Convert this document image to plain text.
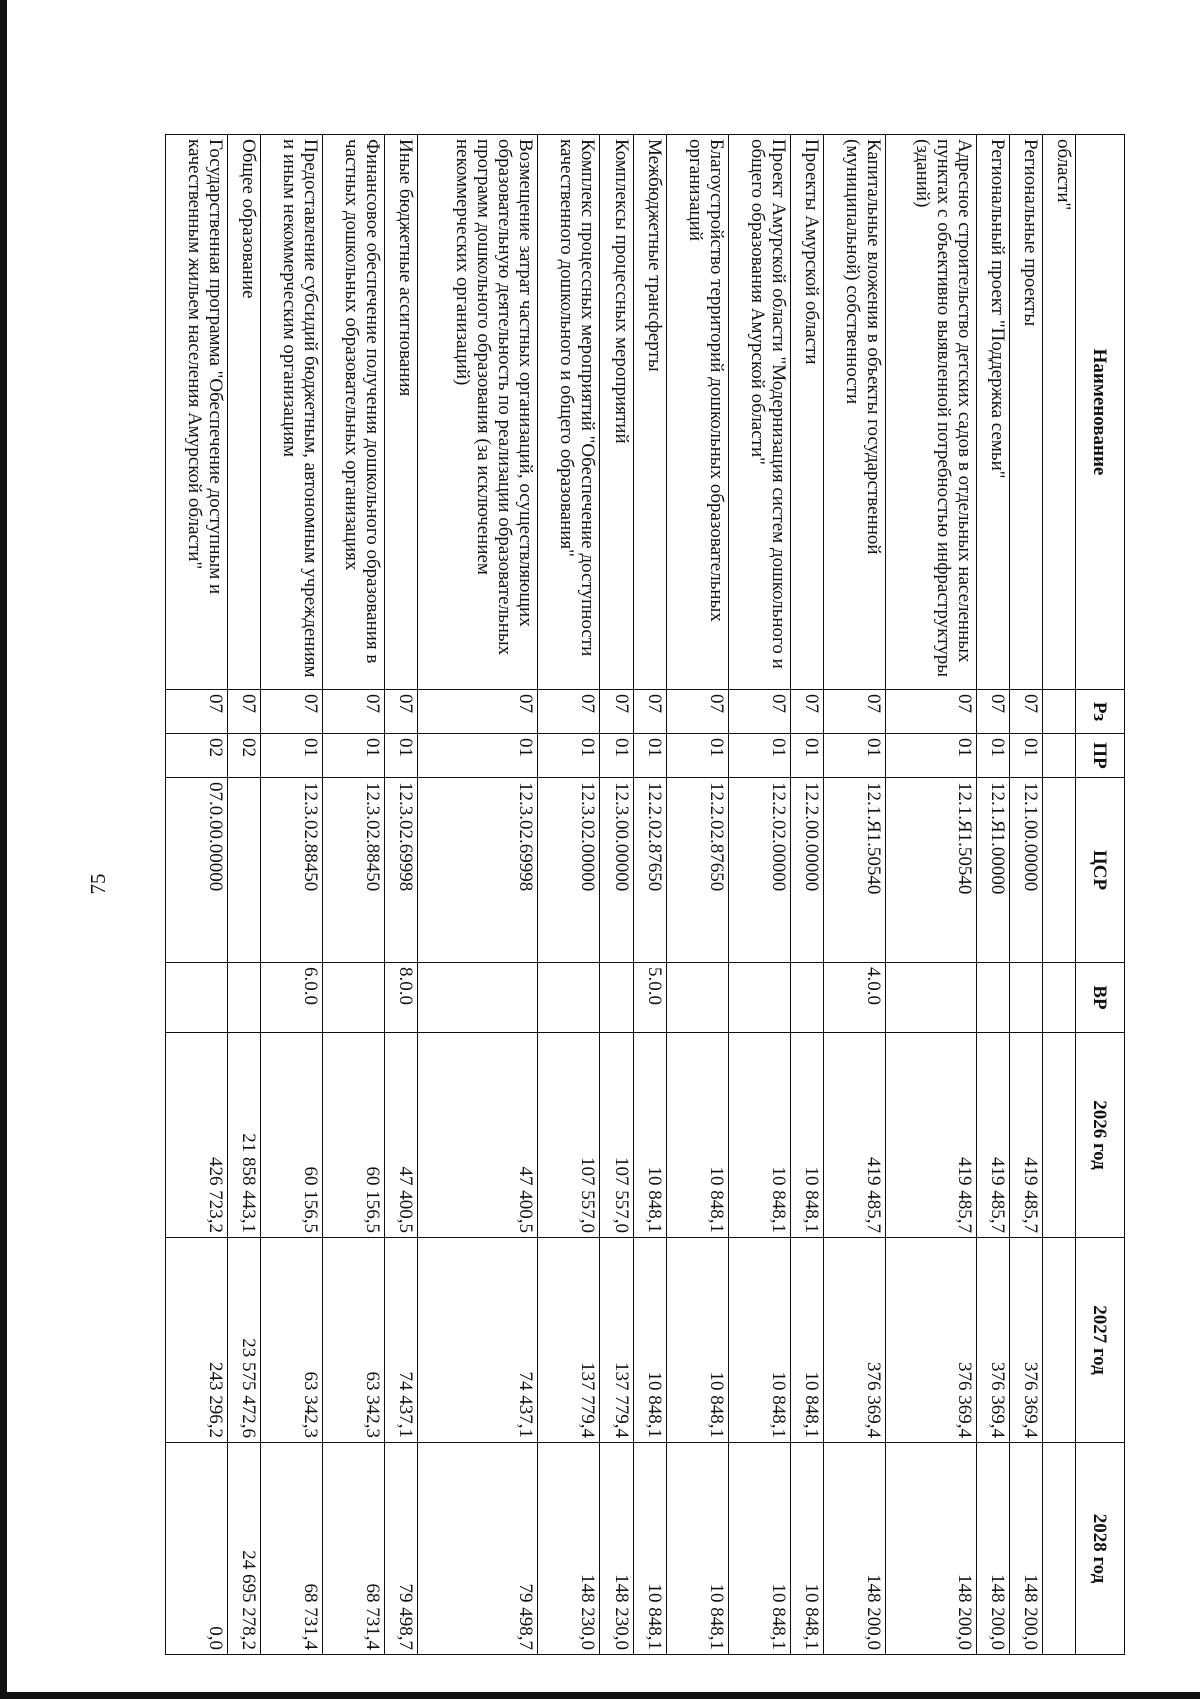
75
Наименование	Рз	ПР	ЦСР	ВР	2026 год	2027 год	2028 год
области"							
Региональные проекты	07	01	12.1.00.00000		419 485,7	376 369,4	148 200,0
Региональный проект "Поддержка семьи"	07	01	12.1.Я1.00000		419 485,7	376 369,4	148 200,0
Адресное строительство детских садов в отдельных населенных пунктах с объективно выявленной потребностью инфраструктуры (зданий)	07	01	12.1.Я1.50540		419 485,7	376 369,4	148 200,0
Капитальные вложения в объекты государственной (муниципальной) собственности	07	01	12.1.Я1.50540	4.0.0	419 485,7	376 369,4	148 200,0
Проекты Амурской области	07	01	12.2.00.00000		10 848,1	10 848,1	10 848,1
Проект Амурской области "Модернизация систем дошкольного и общего образования Амурской области"	07	01	12.2.02.00000		10 848,1	10 848,1	10 848,1
Благоустройство территорий дошкольных образовательных организаций	07	01	12.2.02.87650		10 848,1	10 848,1	10 848,1
Межбюджетные трансферты	07	01	12.2.02.87650	5.0.0	10 848,1	10 848,1	10 848,1
Комплексы процессных мероприятий	07	01	12.3.00.00000		107 557,0	137 779,4	148 230,0
Комплекс процессных мероприятий "Обеспечение доступности качественного дошкольного и общего образования"	07	01	12.3.02.00000		107 557,0	137 779,4	148 230,0
Возмещение затрат частных организаций, осуществляющих образовательную деятельность по реализации образовательных программ дошкольного образования (за исключением некоммерческих организаций)	07	01	12.3.02.69998		47 400,5	74 437,1	79 498,7
Иные бюджетные ассигнования	07	01	12.3.02.69998	8.0.0	47 400,5	74 437,1	79 498,7
Финансовое обеспечение получения дошкольного образования в частных дошкольных образовательных организациях	07	01	12.3.02.88450		60 156,5	63 342,3	68 731,4
Предоставление субсидий бюджетным, автономным учреждениям и иным некоммерческим организациям	07	01	12.3.02.88450	6.0.0	60 156,5	63 342,3	68 731,4
Общее образование	07	02			21 858 443,1	23 575 472,6	24 695 278,2
Государственная программа "Обеспечение доступным и качественным жильем населения Амурской области"	07	02	07.0.00.00000		426 723,2	243 296,2	0,0
